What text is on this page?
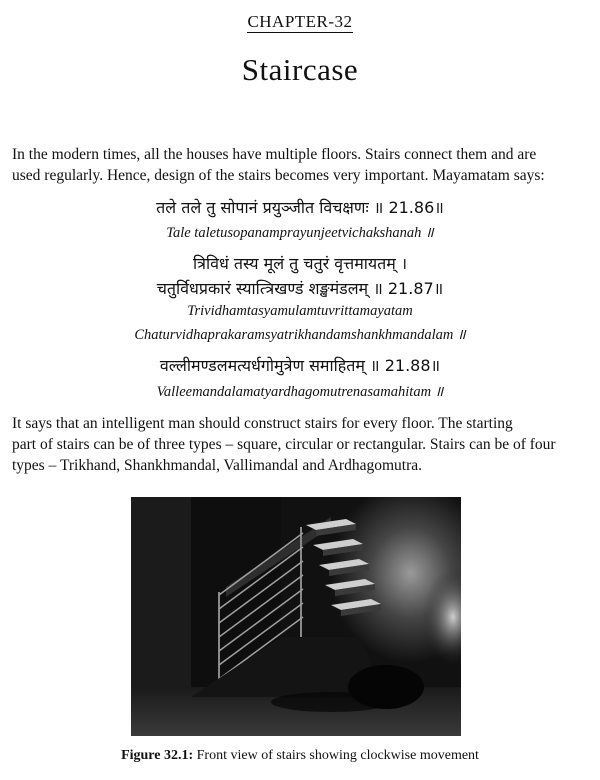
CHAPTER-32
Staircase
In the modern times, all the houses have multiple floors. Stairs connect them and are
used regularly. Hence, design of the stairs becomes very important. Mayamatam says:
तले तले तु सोपानं प्रयुञ्जीत विचक्षणः ॥ 21.86॥
Tale taletusopanamprayunjeetvichakshanah ॥
त्रिविधं तस्य मूलं तु चतुरं वृत्तमायतम् ।
चतुर्विधप्रकारं स्यात्त्रिखण्डं शङ्खमंडलम् ॥ 21.87॥
Trividhamtasyamulamtuvrittamayatam
Chaturvidhaprakaramsyatrikhandamshankhmandalam ॥
वल्लीमण्डलमत्यर्धगोमुत्रेण समाहितम् ॥ 21.88॥
Valleemandalamatyardhagomutrenasamahitam ॥
It says that an intelligent man should construct stairs for every floor. The starting
part of stairs can be of three types – square, circular or rectangular. Stairs can be of four
types – Trikhand, Shankhmandal, Vallimandal and Ardhagomutra.
Figure 32.1: Front view of stairs showing clockwise movement
